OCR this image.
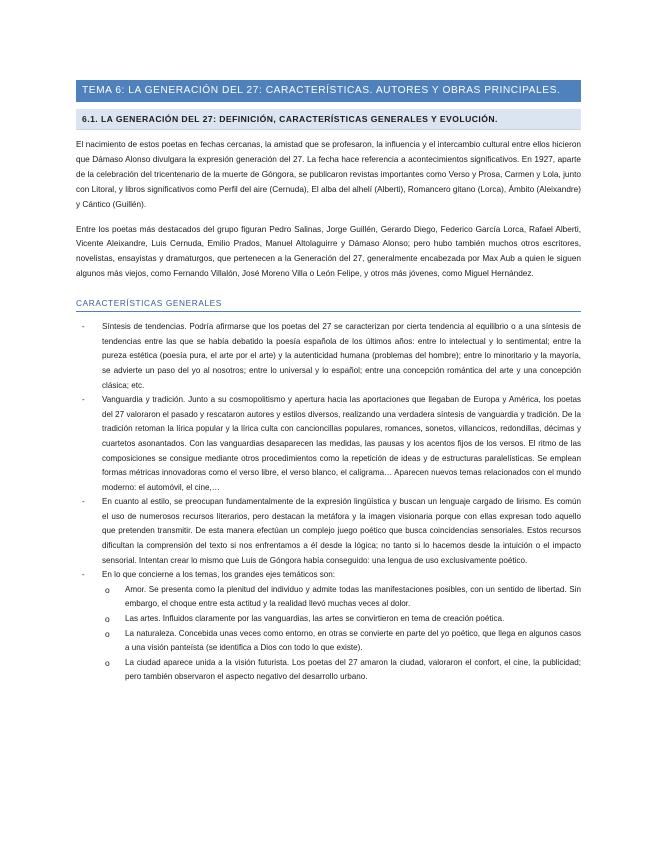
TEMA 6: LA GENERACIÓN DEL 27: CARACTERÍSTICAS. AUTORES Y OBRAS PRINCIPALES.
6.1. LA GENERACIÓN DEL 27: DEFINICIÓN, CARACTERÍSTICAS GENERALES Y EVOLUCIÓN.

El nacimiento de estos poetas en fechas cercanas, la amistad que se profesaron, la influencia y el intercambio cultural entre ellos hicieron que Dámaso Alonso divulgara la expresión generación del 27. La fecha hace referencia a acontecimientos significativos. En 1927, aparte de la celebración del tricentenario de la muerte de Góngora, se publicaron revistas importantes como Verso y Prosa, Carmen y Lola, junto con Litoral, y libros significativos como Perfil del aire (Cernuda), El alba del alhelí (Alberti), Romancero gitano (Lorca), Ámbito (Aleixandre) y Cántico (Guillén).

Entre los poetas más destacados del grupo figuran Pedro Salinas, Jorge Guillén, Gerardo Diego, Federico García Lorca, Rafael Alberti, Vicente Aleixandre, Luis Cernuda, Emilio Prados, Manuel Altolaguirre y Dámaso Alonso; pero hubo también muchos otros escritores, novelistas, ensayistas y dramaturgos, que pertenecen a la Generación del 27, generalmente encabezada por Max Aub a quien le siguen algunos más viejos, como Fernando Villalón, José Moreno Villa o León Felipe, y otros más jóvenes, como Miguel Hernández.

CARACTERÍSTICAS GENERALES
- Síntesis de tendencias. Podría afirmarse que los poetas del 27 se caracterizan por cierta tendencia al equilibrio o a una síntesis de tendencias entre las que se había debatido la poesía española de los últimos años: entre lo intelectual y lo sentimental; entre la pureza estética (poesía pura, el arte por el arte) y la autenticidad humana (problemas del hombre); entre lo minoritario y la mayoría, se advierte un paso del yo al nosotros; entre lo universal y lo español; entre una concepción romántica del arte y una concepción clásica; etc.
- Vanguardia y tradición. Junto a su cosmopolitismo y apertura hacia las aportaciones que llegaban de Europa y América, los poetas del 27 valoraron el pasado y rescataron autores y estilos diversos, realizando una verdadera síntesis de vanguardia y tradición. De la tradición retoman la lírica popular y la lírica culta con cancioncillas populares, romances, sonetos, villancicos, redondillas, décimas y cuartetos asonantados. Con las vanguardias desaparecen las medidas, las pausas y los acentos fijos de los versos. El ritmo de las composiciones se consigue mediante otros procedimientos como la repetición de ideas y de estructuras paralelísticas. Se emplean formas métricas innovadoras como el verso libre, el verso blanco, el caligrama… Aparecen nuevos temas relacionados con el mundo moderno: el automóvil, el cine,…
- En cuanto al estilo, se preocupan fundamentalmente de la expresión lingüística y buscan un lenguaje cargado de lirismo. Es común el uso de numerosos recursos literarios, pero destacan la metáfora y la imagen visionaria porque con ellas expresan todo aquello que pretenden transmitir. De esta manera efectúan un complejo juego poético que busca coincidencias sensoriales. Estos recursos dificultan la comprensión del texto si nos enfrentamos a él desde la lógica; no tanto si lo hacemos desde la intuición o el impacto sensorial. Intentan crear lo mismo que Luis de Góngora había conseguido: una lengua de uso exclusivamente poético.
- En lo que concierne a los temas, los grandes ejes temáticos son:
o Amor. Se presenta como la plenitud del individuo y admite todas las manifestaciones posibles, con un sentido de libertad. Sin embargo, el choque entre esta actitud y la realidad llevó muchas veces al dolor.
o Las artes. Influidos claramente por las vanguardias, las artes se convirtieron en tema de creación poética.
o La naturaleza. Concebida unas veces como entorno, en otras se convierte en parte del yo poético, que llega en algunos casos a una visión panteísta (se identifica a Dios con todo lo que existe).
o La ciudad aparece unida a la visión futurista. Los poetas del 27 amaron la ciudad, valoraron el confort, el cine, la publicidad; pero también observaron el aspecto negativo del desarrollo urbano.
